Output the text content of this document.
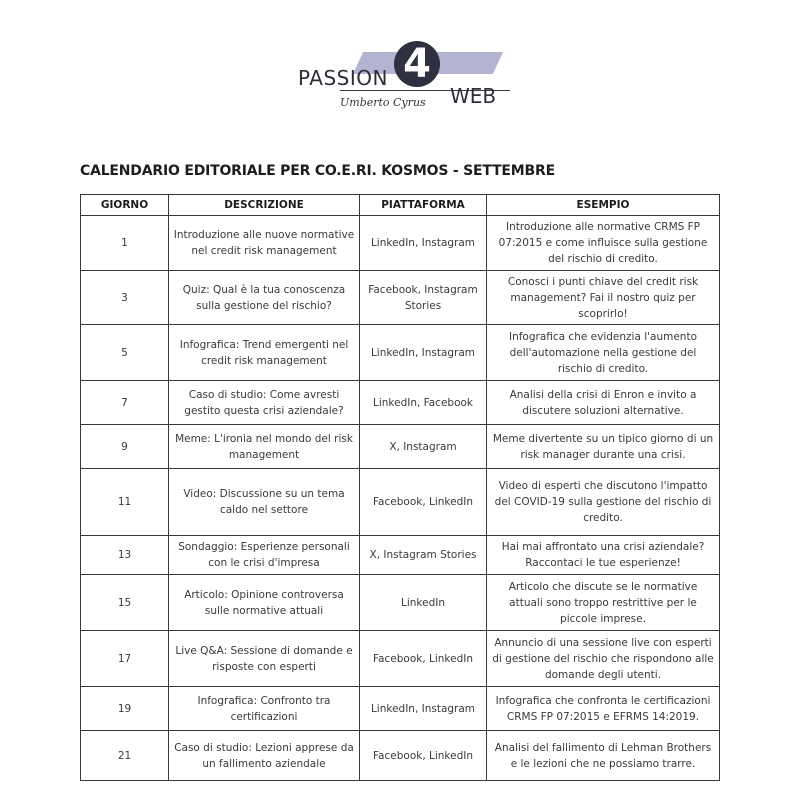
PASSION 4
WEB
Umberto Cyrus
CALENDARIO EDITORIALE PER CO.E.RI. KOSMOS - SETTEMBRE
GIORNO	DESCRIZIONE	PIATTAFORMA	ESEMPIO
1	Introduzione alle nuove normative nel credit risk management	LinkedIn, Instagram	Introduzione alle normative CRMS FP 07:2015 e come influisce sulla gestione del rischio di credito.
3	Quiz: Qual è la tua conoscenza sulla gestione del rischio?	Facebook, Instagram Stories	Conosci i punti chiave del credit risk management? Fai il nostro quiz per scoprirlo!
5	Infografica: Trend emergenti nel credit risk management	LinkedIn, Instagram	Infografica che evidenzia l'aumento dell'automazione nella gestione del rischio di credito.
7	Caso di studio: Come avresti gestito questa crisi aziendale?	LinkedIn, Facebook	Analisi della crisi di Enron e invito a discutere soluzioni alternative.
9	Meme: L'ironia nel mondo del risk management	X, Instagram	Meme divertente su un tipico giorno di un risk manager durante una crisi.
11	Video: Discussione su un tema caldo nel settore	Facebook, LinkedIn	Video di esperti che discutono l'impatto del COVID-19 sulla gestione del rischio di credito.
13	Sondaggio: Esperienze personali con le crisi d'impresa	X, Instagram Stories	Hai mai affrontato una crisi aziendale? Raccontaci le tue esperienze!
15	Articolo: Opinione controversa sulle normative attuali	LinkedIn	Articolo che discute se le normative attuali sono troppo restrittive per le piccole imprese.
17	Live Q&A: Sessione di domande e risposte con esperti	Facebook, LinkedIn	Annuncio di una sessione live con esperti di gestione del rischio che rispondono alle domande degli utenti.
19	Infografica: Confronto tra certificazioni	LinkedIn, Instagram	Infografica che confronta le certificazioni CRMS FP 07:2015 e EFRMS 14:2019.
21	Caso di studio: Lezioni apprese da un fallimento aziendale	Facebook, LinkedIn	Analisi del fallimento di Lehman Brothers e le lezioni che ne possiamo trarre.
